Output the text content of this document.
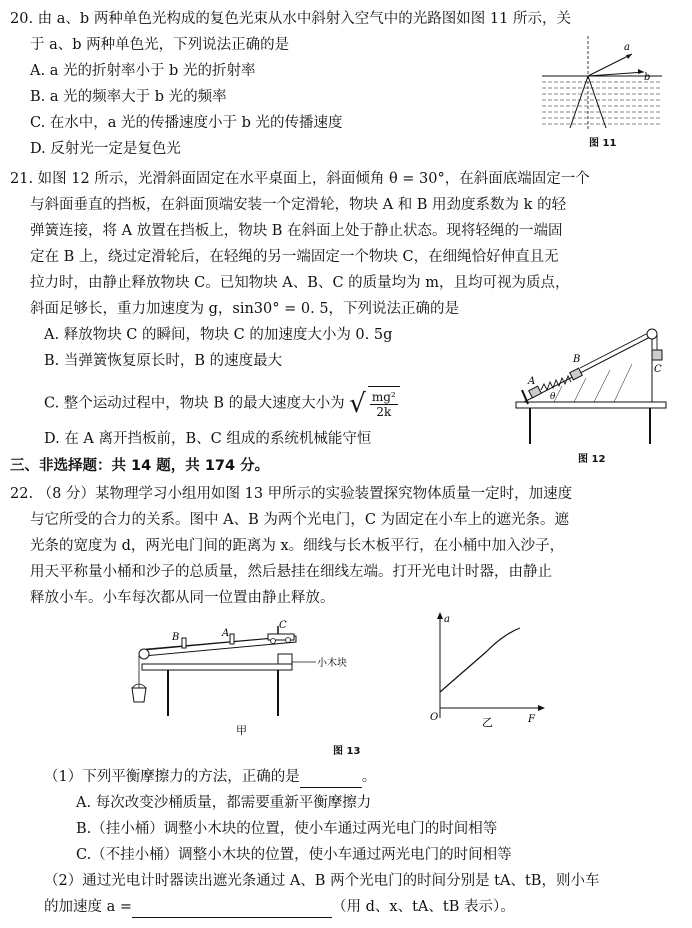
20. 由 a、b 两种单色光构成的复色光束从水中斜射入空气中的光路图如图 11 所示，关
于 a、b 两种单色光，下列说法正确的是
A. a 光的折射率小于 b 光的折射率
B. a 光的频率大于 b 光的频率
C. 在水中，a 光的传播速度小于 b 光的传播速度
D. 反射光一定是复色光
a
b
图 11
21. 如图 12 所示，光滑斜面固定在水平桌面上，斜面倾角 θ = 30°，在斜面底端固定一个
与斜面垂直的挡板，在斜面顶端安装一个定滑轮，物块 A 和 B 用劲度系数为 k 的轻
弹簧连接，将 A 放置在挡板上，物块 B 在斜面上处于静止状态。现将轻绳的一端固
定在 B 上，绕过定滑轮后，在轻绳的另一端固定一个物块 C，在细绳恰好伸直且无
拉力时，由静止释放物块 C。已知物块 A、B、C 的质量均为 m，且均可视为质点，
斜面足够长，重力加速度为 g，sin30° = 0. 5，下列说法正确的是
A. 释放物块 C 的瞬间，物块 C 的加速度大小为 0. 5g
B. 当弹簧恢复原长时，B 的速度最大
C. 整个运动过程中，物块 B 的最大速度大小为 √ $\frac{\text{mg²}}{2k}$
D. 在 A 离开挡板前，B、C 组成的系统机械能守恒
B
A
C
θ
图 12
三、非选择题：共 14 题，共 174 分。
22. （8 分）某物理学习小组用如图 13 甲所示的实验装置探究物体质量一定时，加速度
与它所受的合力的关系。图中 A、B 为两个光电门，C 为固定在小车上的遮光条。遮
光条的宽度为 d，两光电门间的距离为 x。细线与长木板平行，在小桶中加入沙子，
用天平称量小桶和沙子的总质量，然后悬挂在细线左端。打开光电计时器，由静止
释放小车。小车每次都从同一位置由静止释放。
B	A
C
小木块
甲
a
F
O	乙
图 13
（1）下列平衡摩擦力的方法，正确的是	。
A. 每次改变沙桶质量，都需要重新平衡摩擦力
B.（挂小桶）调整小木块的位置，使小车通过两光电门的时间相等
C.（不挂小桶）调整小木块的位置，使小车通过两光电门的时间相等
（2）通过光电计时器读出遮光条通过 A、B 两个光电门的时间分别是 tA、tB，则小车
的加速度 a =	（用 d、x、tA、tB 表示）。
